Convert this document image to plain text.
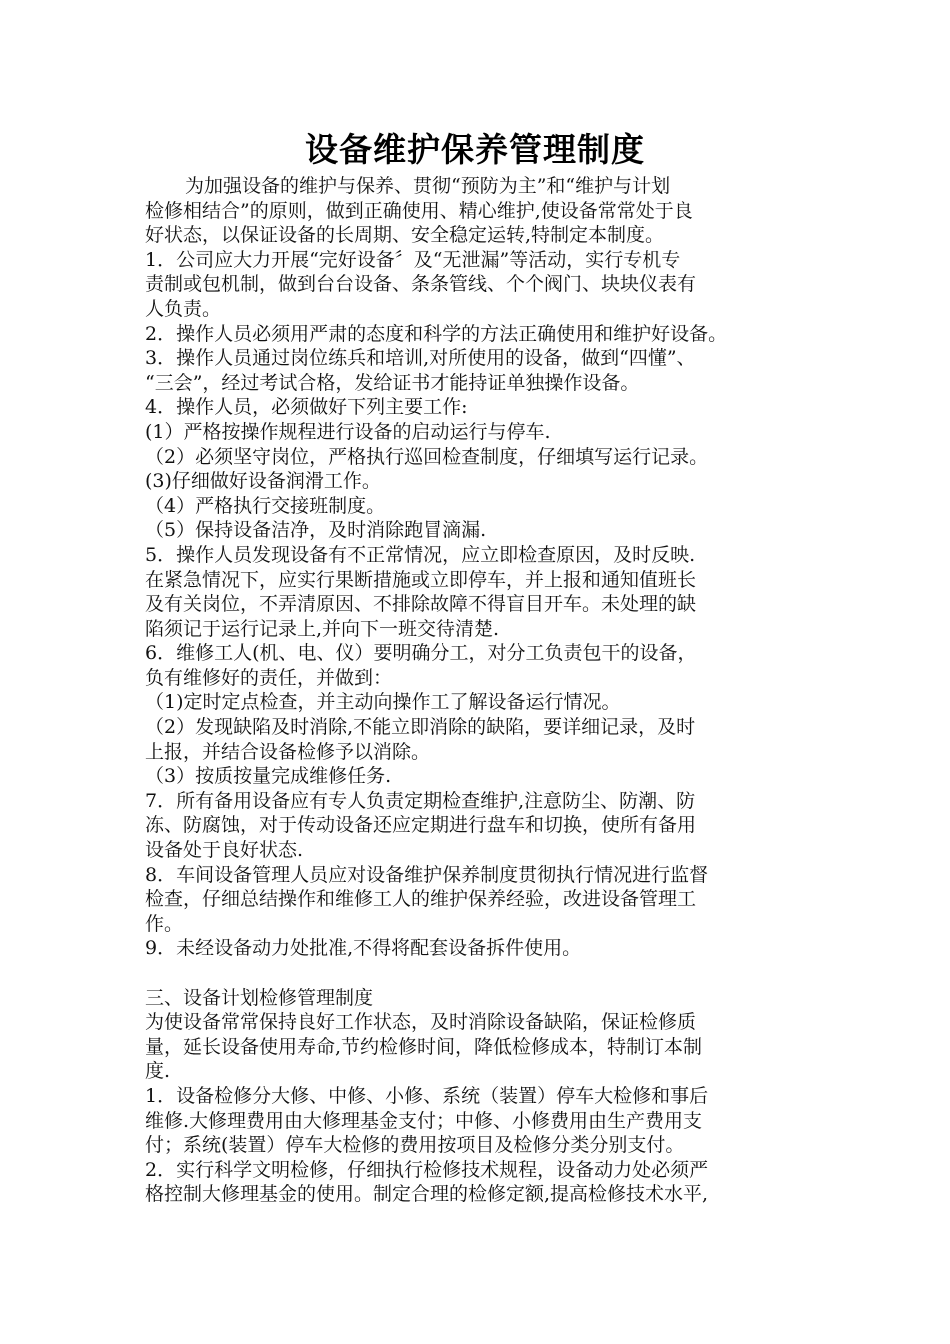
设备维护保养管理制度
为加强设备的维护与保养、贯彻“预防为主”和“维护与计划
检修相结合”的原则，做到正确使用、精心维护,使设备常常处于良
好状态，以保证设备的长周期、安全稳定运转,特制定本制度。
1．公司应大力开展“完好设备〞及“无泄漏”等活动，实行专机专
责制或包机制，做到台台设备、条条管线、个个阀门、块块仪表有
人负责。
2．操作人员必须用严肃的态度和科学的方法正确使用和维护好设备。
3．操作人员通过岗位练兵和培训,对所使用的设备，做到“四懂”、
“三会”，经过考试合格，发给证书才能持证单独操作设备。
4．操作人员，必须做好下列主要工作:
(1）严格按操作规程进行设备的启动运行与停车.
（2）必须坚守岗位，严格执行巡回检查制度，仔细填写运行记录。
(3)仔细做好设备润滑工作。
（4）严格执行交接班制度。
（5）保持设备洁净，及时消除跑冒滴漏.
5．操作人员发现设备有不正常情况，应立即检查原因，及时反映.
在紧急情况下，应实行果断措施或立即停车，并上报和通知值班长
及有关岗位，不弄清原因、不排除故障不得盲目开车。未处理的缺
陷须记于运行记录上,并向下一班交待清楚.
6．维修工人(机、电、仪）要明确分工，对分工负责包干的设备，
负有维修好的责任，并做到：
（1)定时定点检查，并主动向操作工了解设备运行情况。
（2）发现缺陷及时消除,不能立即消除的缺陷，要详细记录，及时
上报，并结合设备检修予以消除。
（3）按质按量完成维修任务.
7．所有备用设备应有专人负责定期检查维护,注意防尘、防潮、防
冻、防腐蚀，对于传动设备还应定期进行盘车和切换，使所有备用
设备处于良好状态.
8．车间设备管理人员应对设备维护保养制度贯彻执行情况进行监督
检查，仔细总结操作和维修工人的维护保养经验，改进设备管理工
作。
9．未经设备动力处批准,不得将配套设备拆件使用。
三、设备计划检修管理制度
为使设备常常保持良好工作状态，及时消除设备缺陷，保证检修质
量，延长设备使用寿命,节约检修时间，降低检修成本，特制订本制
度.
1．设备检修分大修、中修、小修、系统（装置）停车大检修和事后
维修.大修理费用由大修理基金支付；中修、小修费用由生产费用支
付；系统(装置）停车大检修的费用按项目及检修分类分别支付。
2．实行科学文明检修，仔细执行检修技术规程，设备动力处必须严
格控制大修理基金的使用。制定合理的检修定额,提高检修技术水平,
